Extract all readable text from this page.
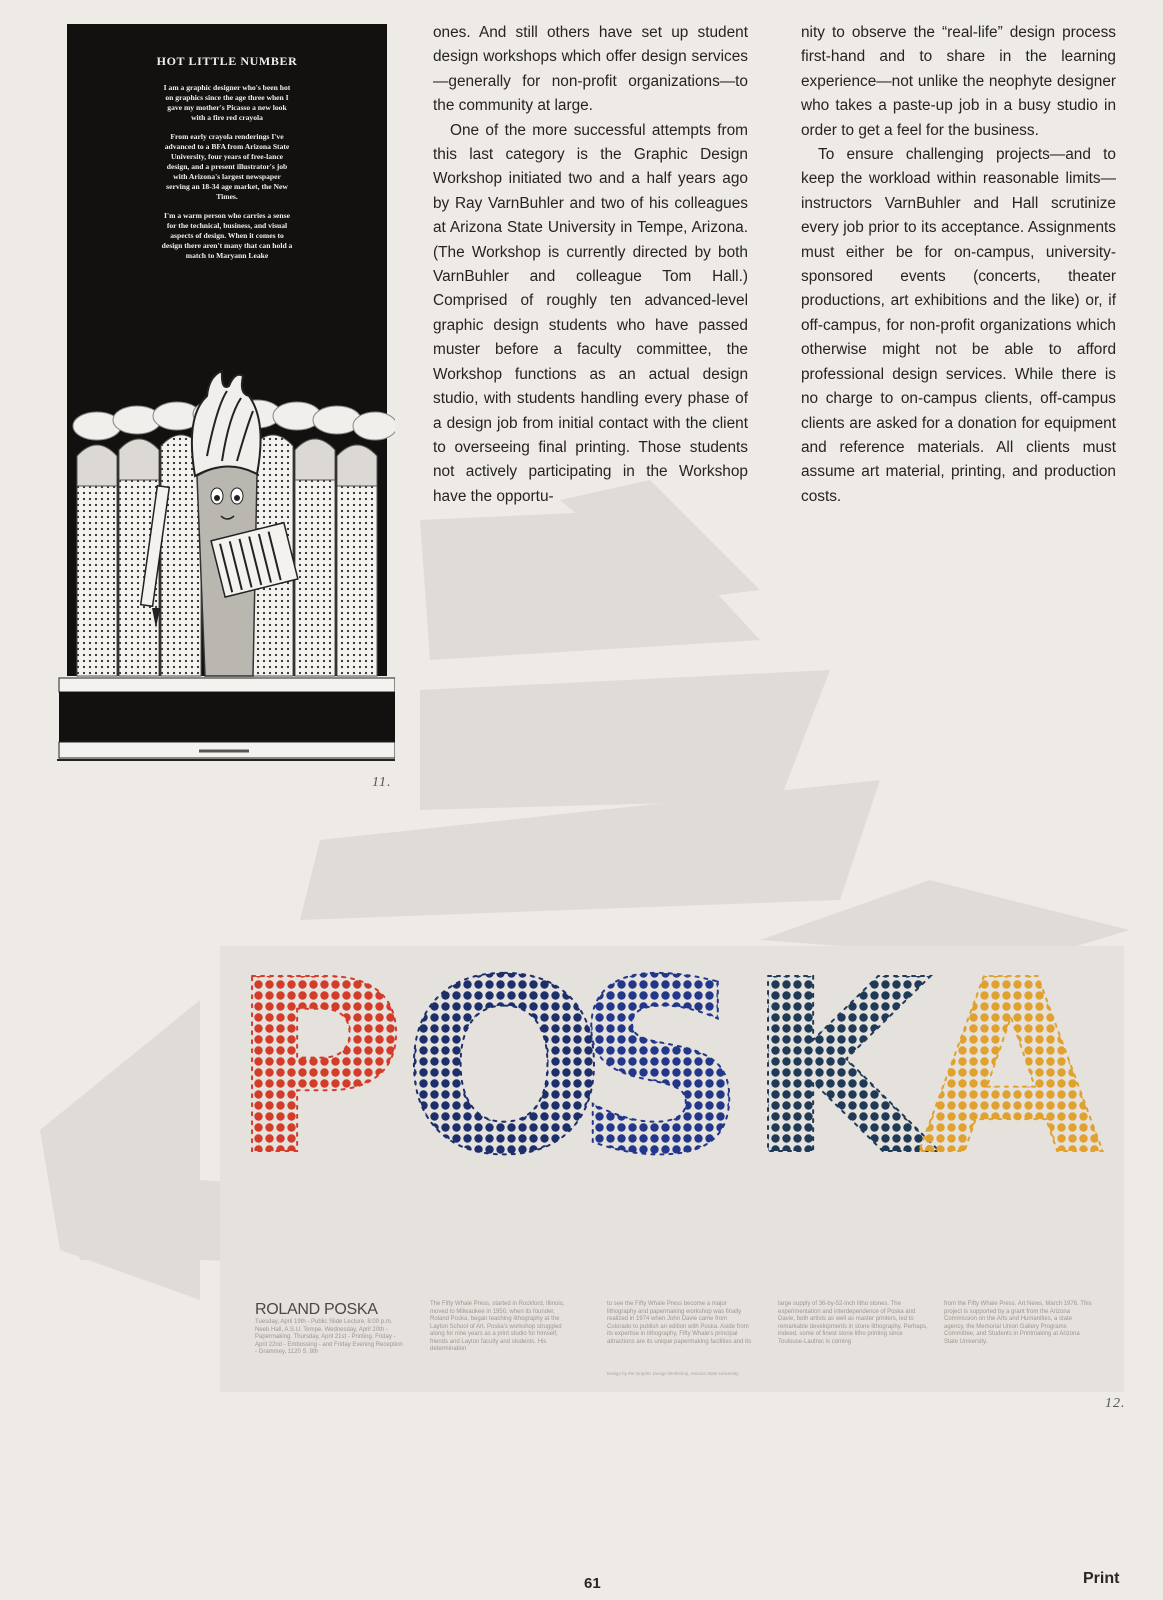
HOT LITTLE NUMBER
I am a graphic designer who's been hot on graphics since the age three when I gave my mother's Picasso a new look with a fire red crayola
From early crayola renderings I've advanced to a BFA from Arizona State University, four years of free-lance design, and a present illustrator's job with Arizona's largest newspaper serving an 18-34 age market, the New Times.
I'm a warm person who carries a sense for the technical, business, and visual aspects of design. When it comes to design there aren't many that can hold a match to Maryann Leake
11.

ones. And still others have set up student design workshops which offer design services—generally for non-profit organizations—to the community at large.

One of the more successful attempts from this last category is the Graphic Design Workshop initiated two and a half years ago by Ray VarnBuhler and two of his colleagues at Arizona State University in Tempe, Arizona. (The Workshop is currently directed by both VarnBuhler and colleague Tom Hall.) Comprised of roughly ten advanced-level graphic design students who have passed muster before a faculty committee, the Workshop functions as an actual design studio, with students handling every phase of a design job from initial contact with the client to overseeing final printing. Those students not actively participating in the Workshop have the opportu-

nity to observe the “real-life” design process first-hand and to share in the learning experience—not unlike the neophyte designer who takes a paste-up job in a busy studio in order to get a feel for the business.

To ensure challenging projects—and to keep the workload within reasonable limits—instructors VarnBuhler and Hall scrutinize every job prior to its acceptance. Assignments must either be for on-campus, university-sponsored events (concerts, theater productions, art exhibitions and the like) or, if off-campus, for non-profit organizations which otherwise might not be able to afford professional design services. While there is no charge to on-campus clients, off-campus clients are asked for a donation for equipment and reference materials. All clients must assume art material, printing, and production costs.

P
O
S K
A
ROLAND POSKA
Tuesday, April 19th - Public Slide Lecture, 8:00 p.m. Neeb Hall, A.S.U. Tempe. Wednesday, April 20th - Papermaking. Thursday, April 21st - Printing. Friday - April 22nd - Embossing - and Friday Evening Reception - Grammey, 1120 S. 8th
The Fifty Whale Press, started in Rockford, Illinois, moved to Milwaukee in 1950, when its founder, Roland Poska, began teaching lithography at the Layton School of Art. Poska's workshop struggled along for nine years as a print studio for himself, friends and Layton faculty and students. His determination
to see the Fifty Whale Press become a major lithography and papermaking workshop was finally realized in 1974 when John Davie came from Colorado to publish an edition with Poska. Aside from its expertise in lithography, Fifty Whale's principal attractions are its unique papermaking facilities and its
large supply of 36-by-52-inch litho stones. The experimentation and interdependence of Poska and Davie, both artists as well as master printers, led to remarkable developments in stone lithography. Perhaps, indeed, some of finest stone litho printing since Toulouse-Lautrec is coming
from the Fifty Whale Press. Art News, March 1976. This project is supported by a grant from the Arizona Commission on the Arts and Humanities, a state agency, the Memorial Union Gallery Programs Committee, and Students in Printmaking at Arizona State University.
Design by the Graphic Design Workshop, Arizona State University
12.
61	Print
